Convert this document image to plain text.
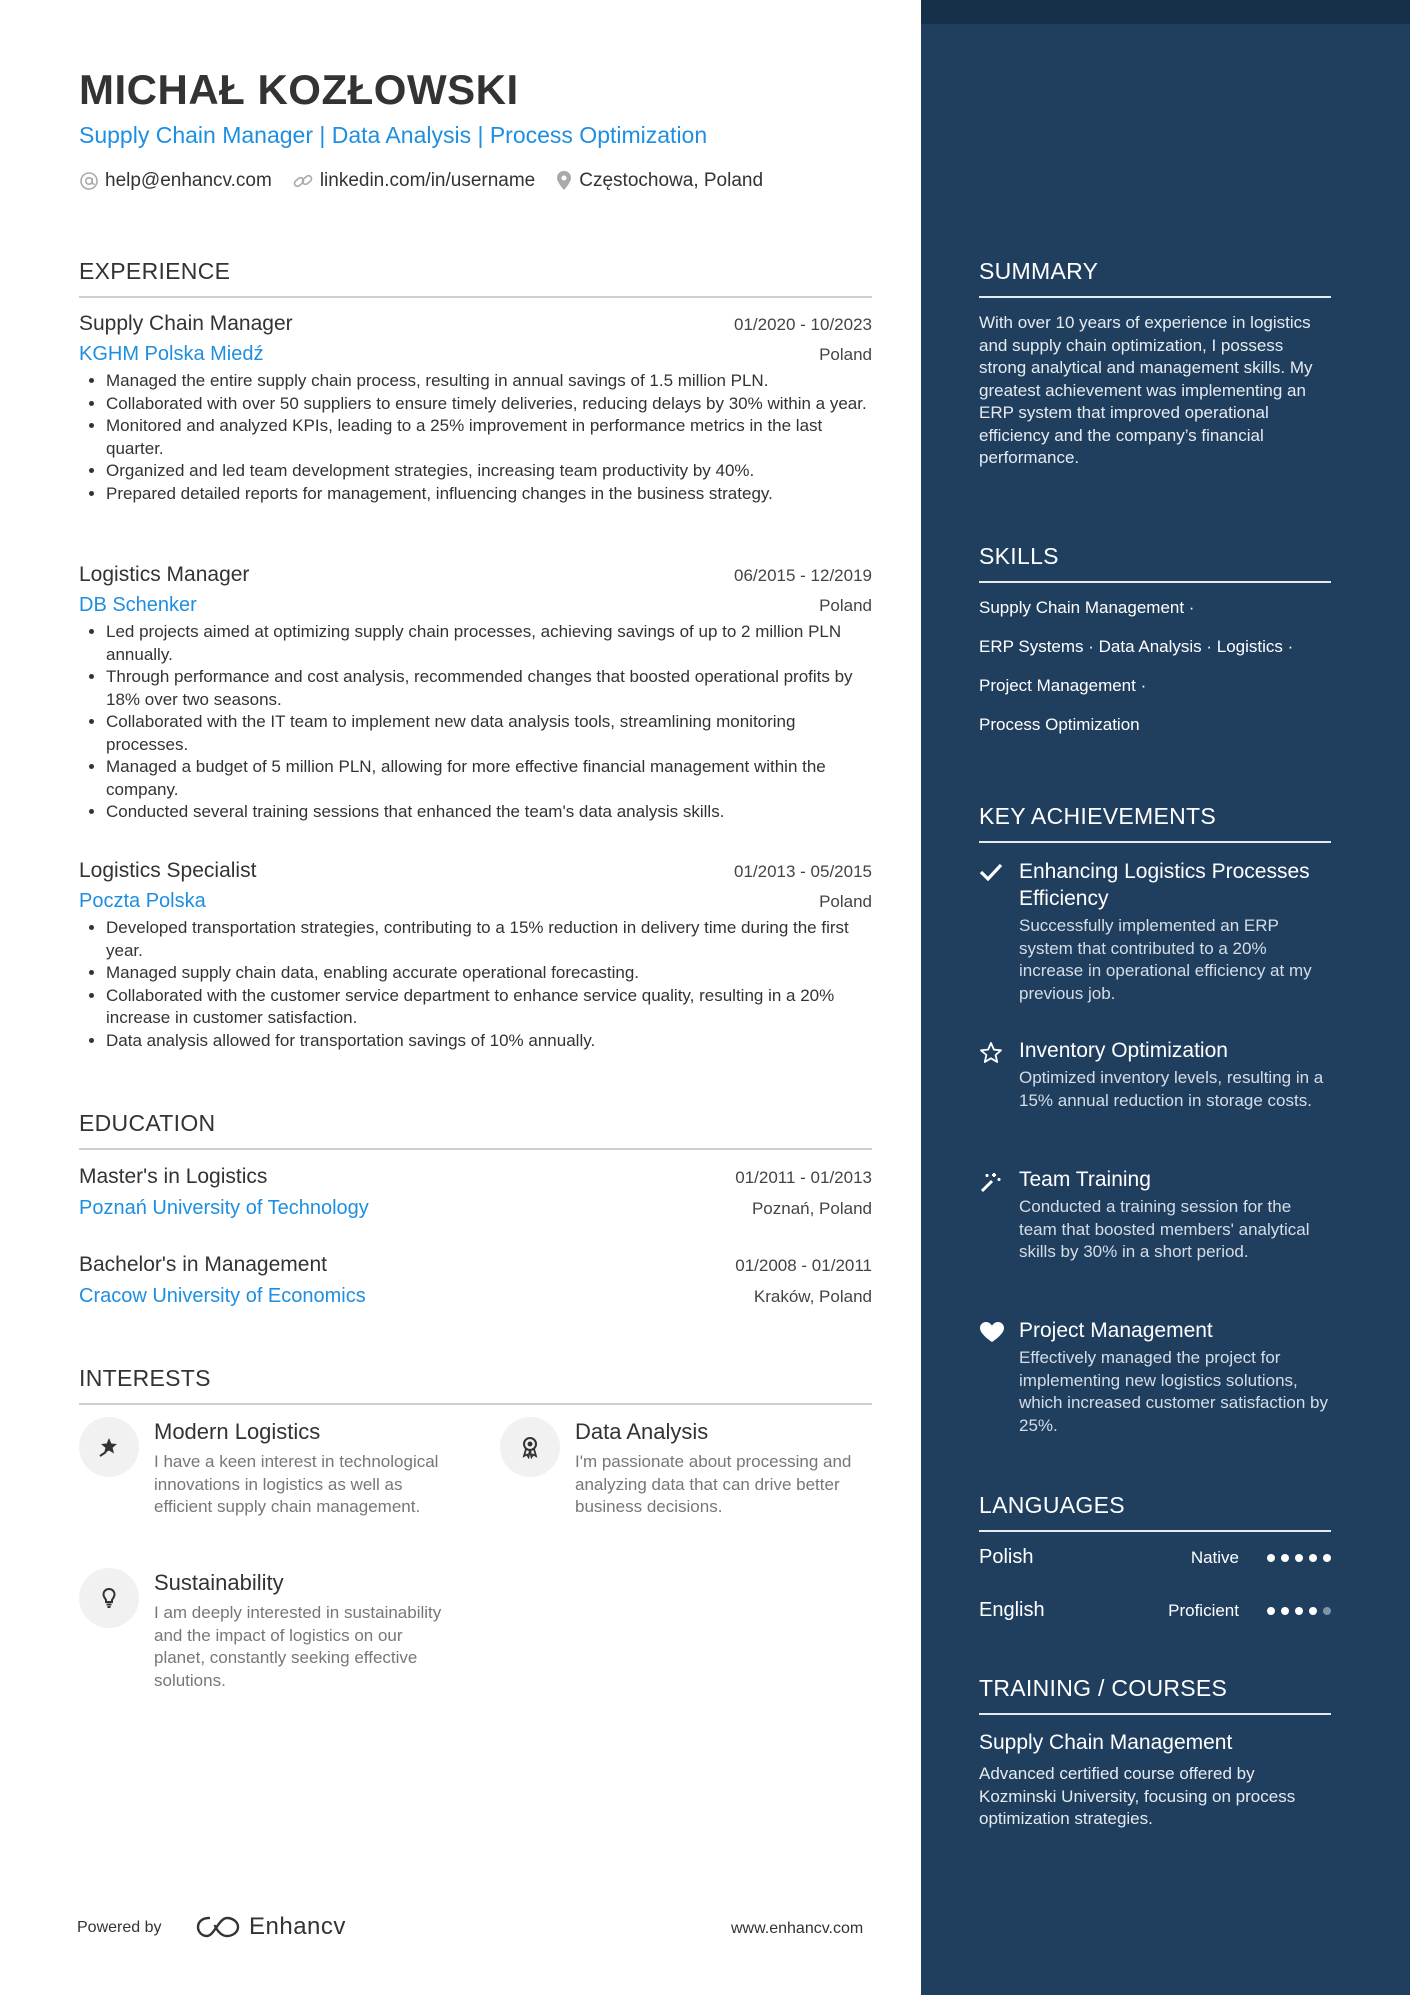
MICHAŁ KOZŁOWSKI
Supply Chain Manager | Data Analysis | Process Optimization
help@enhancv.com	linkedin.com/in/username Częstochowa, Poland
EXPERIENCE
Supply Chain Manager	01/2020 - 10/2023
KGHM Polska Miedź	Poland
• Managed the entire supply chain process, resulting in annual savings of 1.5 million PLN.
• Collaborated with over 50 suppliers to ensure timely deliveries, reducing delays by 30% within a year.
• Monitored and analyzed KPIs, leading to a 25% improvement in performance metrics in the last quarter.
• Organized and led team development strategies, increasing team productivity by 40%.
• Prepared detailed reports for management, influencing changes in the business strategy.
Logistics Manager	06/2015 - 12/2019
DB Schenker	Poland
• Led projects aimed at optimizing supply chain processes, achieving savings of up to 2 million PLN annually.
• Through performance and cost analysis, recommended changes that boosted operational profits by 18% over two seasons.
• Collaborated with the IT team to implement new data analysis tools, streamlining monitoring processes.
• Managed a budget of 5 million PLN, allowing for more effective financial management within the company.
• Conducted several training sessions that enhanced the team's data analysis skills.
Logistics Specialist	01/2013 - 05/2015
Poczta Polska	Poland
• Developed transportation strategies, contributing to a 15% reduction in delivery time during the first year.
• Managed supply chain data, enabling accurate operational forecasting.
• Collaborated with the customer service department to enhance service quality, resulting in a 20% increase in customer satisfaction.
• Data analysis allowed for transportation savings of 10% annually.
EDUCATION
Master's in Logistics	01/2011 - 01/2013
Poznań University of Technology	Poznań, Poland
Bachelor's in Management	01/2008 - 01/2011
Cracow University of Economics	Kraków, Poland
INTERESTS
Modern Logistics
I have a keen interest in technological innovations in logistics as well as efficient supply chain management.
Data Analysis
I'm passionate about processing and analyzing data that can drive better business decisions.
Sustainability
I am deeply interested in sustainability and the impact of logistics on our planet, constantly seeking effective solutions.
Powered by	Enhancv	www.enhancv.com
SUMMARY
With over 10 years of experience in logistics and supply chain optimization, I possess strong analytical and management skills. My greatest achievement was implementing an ERP system that improved operational efficiency and the company’s financial performance.
SKILLS
Supply Chain Management ·
ERP Systems · Data Analysis · Logistics ·
Project Management ·
Process Optimization
KEY ACHIEVEMENTS
Enhancing Logistics Processes Efficiency
Successfully implemented an ERP system that contributed to a 20% increase in operational efficiency at my previous job.
Inventory Optimization
Optimized inventory levels, resulting in a 15% annual reduction in storage costs.
Team Training
Conducted a training session for the team that boosted members' analytical skills by 30% in a short period.
Project Management
Effectively managed the project for implementing new logistics solutions, which increased customer satisfaction by 25%.
LANGUAGES
Polish	Native
English	Proficient
TRAINING / COURSES
Supply Chain Management
Advanced certified course offered by Kozminski University, focusing on process optimization strategies.
